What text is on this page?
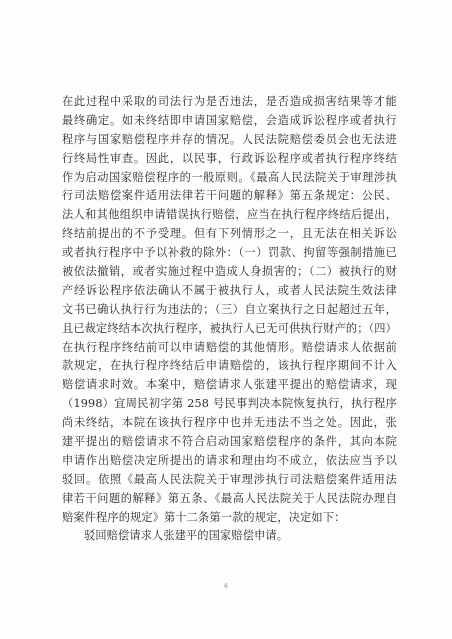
在此过程中采取的司法行为是否违法，是否造成损害结果等才能
最终确定。如未终结即申请国家赔偿，会造成诉讼程序或者执行
程序与国家赔偿程序并存的情况。人民法院赔偿委员会也无法进
行终局性审查。因此，以民事，行政诉讼程序或者执行程序终结
作为启动国家赔偿程序的一般原则。《最高人民法院关于审理涉执
行司法赔偿案件适用法律若干问题的解释》第五条规定：公民、
法人和其他组织申请错误执行赔偿，应当在执行程序终结后提出，
终结前提出的不予受理。但有下列情形之一，且无法在相关诉讼
或者执行程序中予以补救的除外：（一）罚款、拘留等强制措施已
被依法撤销，或者实施过程中造成人身损害的；（二）被执行的财
产经诉讼程序依法确认不属于被执行人，或者人民法院生效法律
文书已确认执行行为违法的；（三）自立案执行之日起超过五年，
且已裁定终结本次执行程序，被执行人已无可供执行财产的；（四）
在执行程序终结前可以申请赔偿的其他情形。赔偿请求人依据前
款规定，在执行程序终结后申请赔偿的，该执行程序期间不计入
赔偿请求时效。本案中，赔偿请求人张建平提出的赔偿请求，现
（1998）宜周民初字第 258 号民事判决本院恢复执行，执行程序
尚未终结，本院在该执行程序中也并无违法不当之处。因此，张
建平提出的赔偿请求不符合启动国家赔偿程序的条件，其向本院
申请作出赔偿决定所提出的请求和理由均不成立，依法应当予以
驳回。依照《最高人民法院关于审理涉执行司法赔偿案件适用法
律若干问题的解释》第五条、《最高人民法院关于人民法院办理自
赔案件程序的规定》第十二条第一款的规定，决定如下：
驳回赔偿请求人张建平的国家赔偿申请。
6
